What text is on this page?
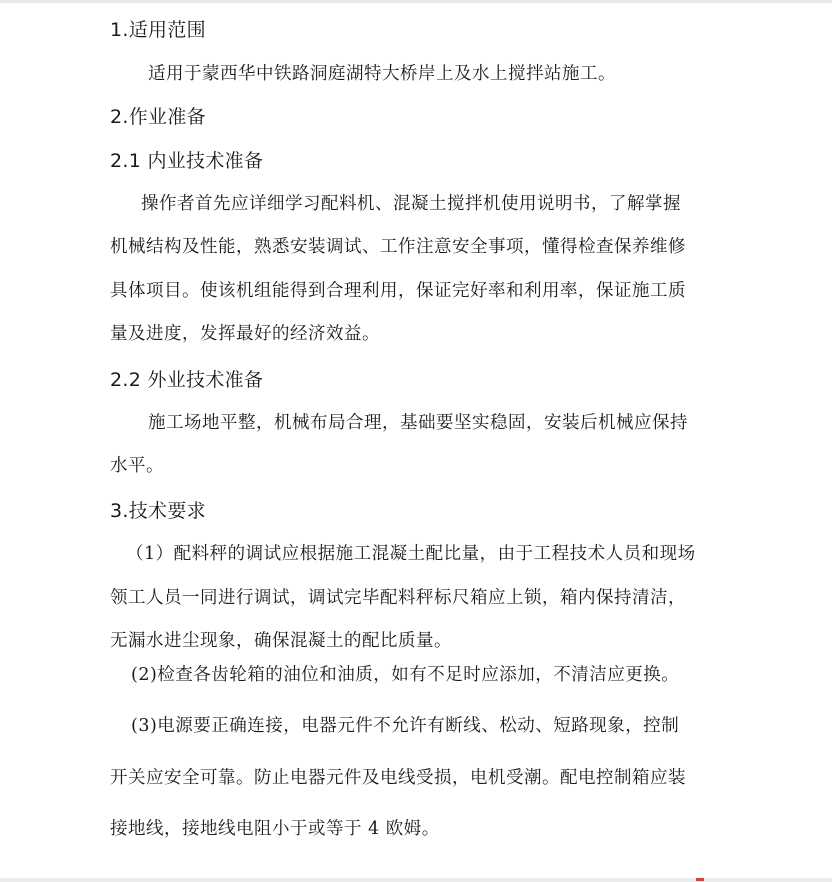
1.适用范围

适用于蒙西华中铁路洞庭湖特大桥岸上及水上搅拌站施工。

2.作业准备

2.1 内业技术准备

操作者首先应详细学习配料机、混凝土搅拌机使用说明书，了解掌握

机械结构及性能，熟悉安装调试、工作注意安全事项，懂得检查保养维修

具体项目。使该机组能得到合理利用，保证完好率和利用率，保证施工质

量及进度，发挥最好的经济效益。

2.2 外业技术准备

施工场地平整，机械布局合理，基础要坚实稳固，安装后机械应保持

水平。

3.技术要求

（1）配料秤的调试应根据施工混凝土配比量，由于工程技术人员和现场

领工人员一同进行调试，调试完毕配料秤标尺箱应上锁，箱内保持清洁，

无漏水进尘现象，确保混凝土的配比质量。

(2)检查各齿轮箱的油位和油质，如有不足时应添加，不清洁应更换。

(3)电源要正确连接，电器元件不允许有断线、松动、短路现象，控制

开关应安全可靠。防止电器元件及电线受损，电机受潮。配电控制箱应装

接地线，接地线电阻小于或等于 4 欧姆。
